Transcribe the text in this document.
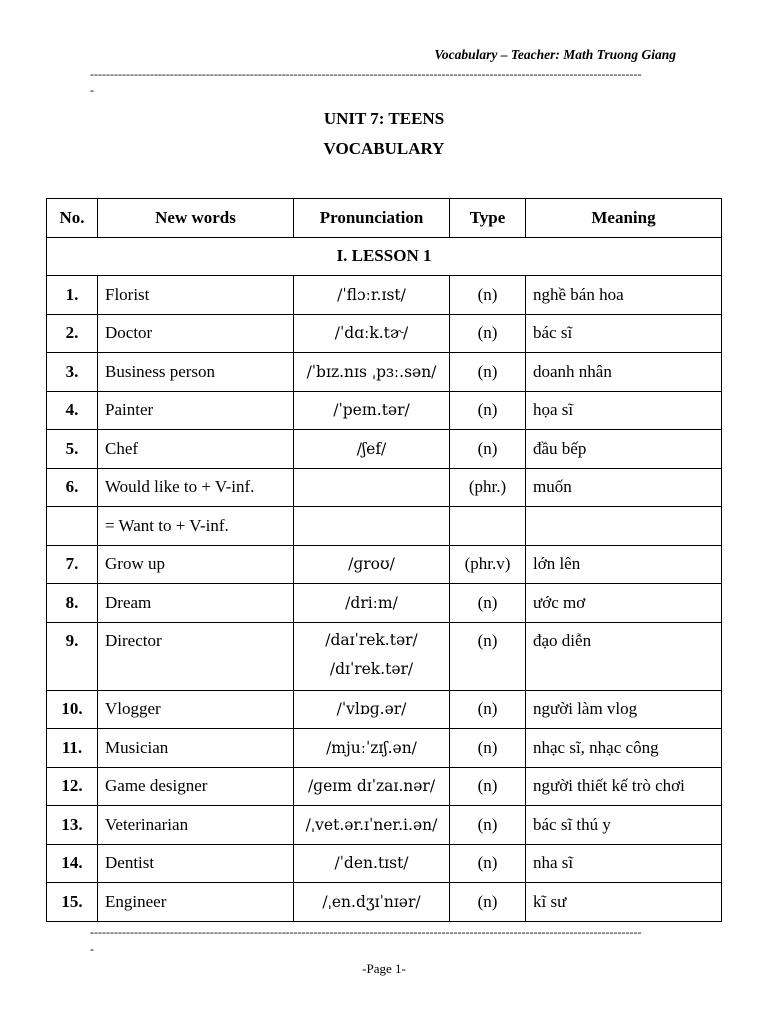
Vocabulary – Teacher: Math Truong Giang
------------------------------------------------------------------------------------------------------------------------------------------
-
UNIT 7: TEENS
VOCABULARY
No.	New words	Pronunciation	Type	Meaning
I. LESSON 1				
1.	Florist	/ˈflɔːr.ɪst/	(n)	nghề bán hoa
2.	Doctor	/ˈdɑːk.tɚ/	(n)	bác sĩ
3.	Business person	/ˈbɪz.nɪs ˌpɜː.sən/	(n)	doanh nhân
4.	Painter	/ˈpeɪn.tər/	(n)	họa sĩ
5.	Chef	/ʃef/	(n)	đầu bếp
6.	Would like to + V-inf.		(phr.)	muốn
	= Want to + V-inf.			
7.	Grow up	/ɡroʊ/	(phr.v)	lớn lên
8.	Dream	/driːm/	(n)	ước mơ
9.	Director	/daɪˈrek.tər/
/dɪˈrek.tər/	(n)	đạo diễn
10.	Vlogger	/ˈvlɒɡ.ər/	(n)	người làm vlog
11.	Musician	/mjuːˈzɪʃ.ən/	(n)	nhạc sĩ, nhạc công
12.	Game designer	/ɡeɪm dɪˈzaɪ.nər/	(n)	người thiết kế trò chơi
13.	Veterinarian	/ˌvet.ər.ɪˈner.i.ən/	(n)	bác sĩ thú y
14.	Dentist	/ˈden.tɪst/	(n)	nha sĩ
15.	Engineer	/ˌen.dʒɪˈnɪər/	(n)	kĩ sư
------------------------------------------------------------------------------------------------------------------------------------------
-
-Page 1-
